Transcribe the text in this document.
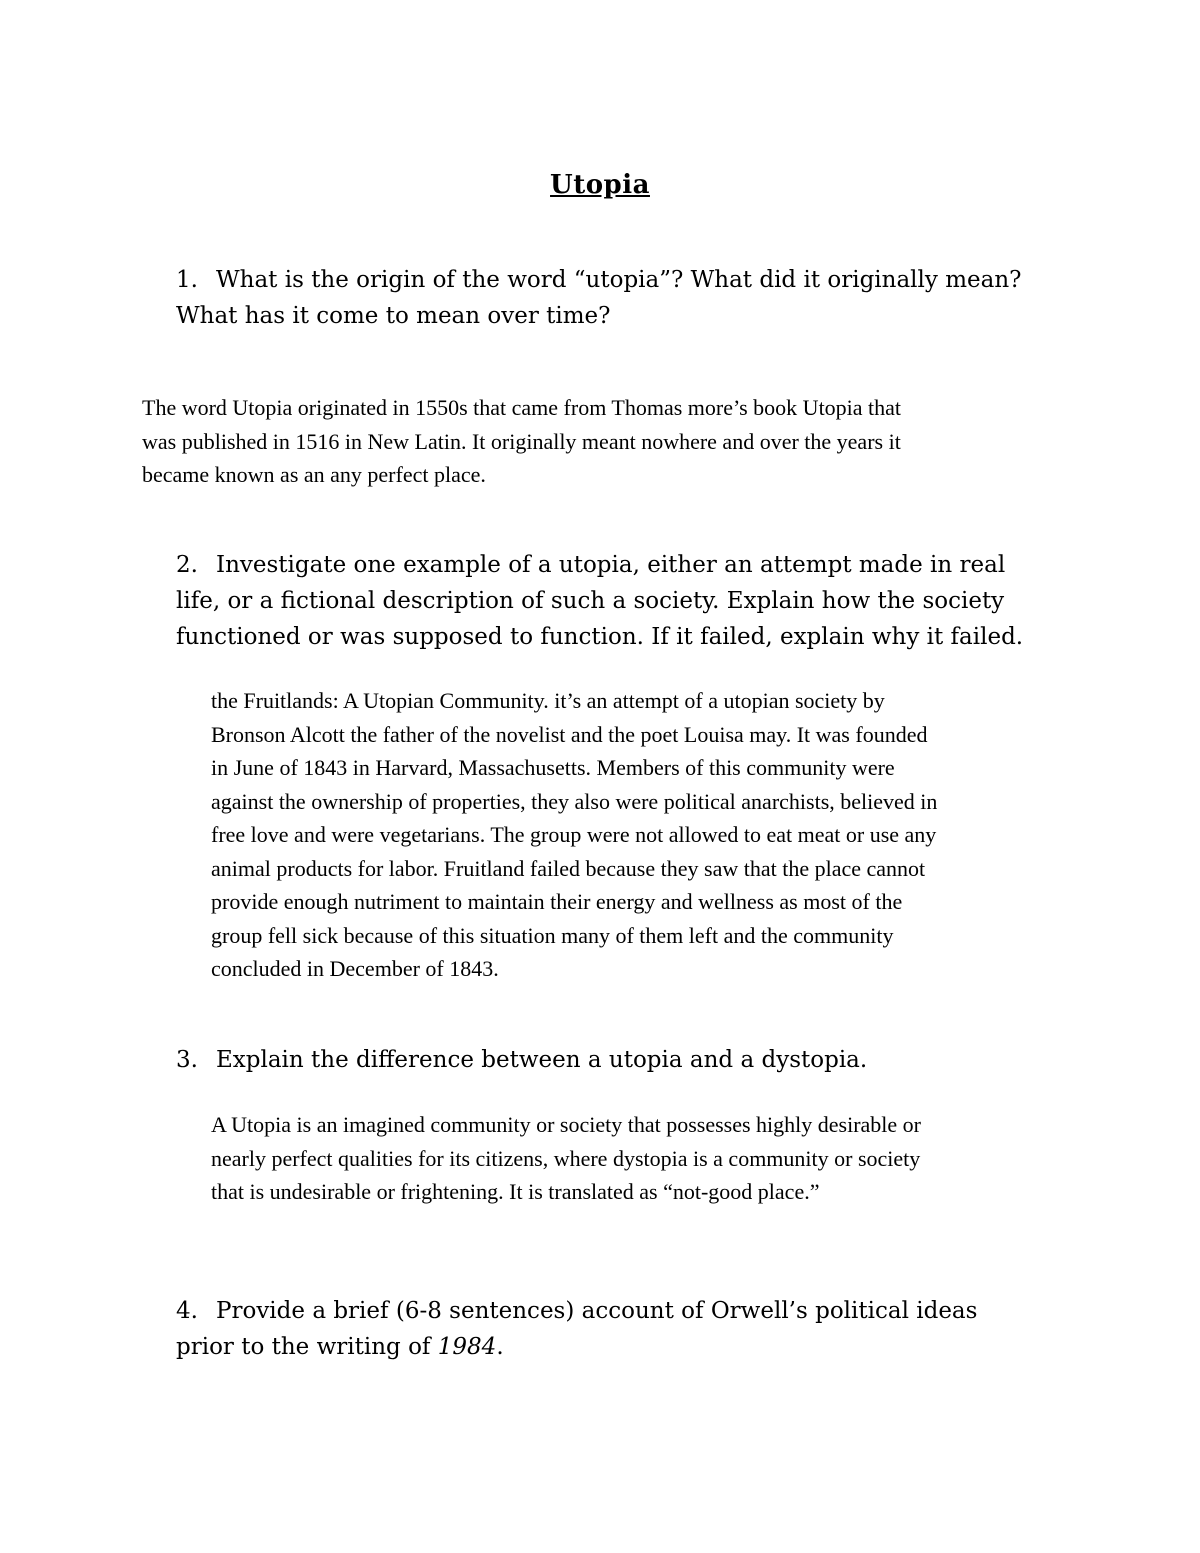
Utopia
1. What is the origin of the word “utopia”? What did it originally mean?
What has it come to mean over time?
The word Utopia originated in 1550s that came from Thomas more’s book Utopia that
was published in 1516 in New Latin. It originally meant nowhere and over the years it
became known as an any perfect place.
2. Investigate one example of a utopia, either an attempt made in real
life, or a fictional description of such a society. Explain how the society
functioned or was supposed to function. If it failed, explain why it failed.
the Fruitlands: A Utopian Community. it’s an attempt of a utopian society by
Bronson Alcott the father of the novelist and the poet Louisa may. It was founded
in June of 1843 in Harvard, Massachusetts. Members of this community were
against the ownership of properties, they also were political anarchists, believed in
free love and were vegetarians. The group were not allowed to eat meat or use any
animal products for labor. Fruitland failed because they saw that the place cannot
provide enough nutriment to maintain their energy and wellness as most of the
group fell sick because of this situation many of them left and the community
concluded in December of 1843.
3. Explain the difference between a utopia and a dystopia.
A Utopia is an imagined community or society that possesses highly desirable or
nearly perfect qualities for its citizens, where dystopia is a community or society
that is undesirable or frightening. It is translated as “not-good place.”
4. Provide a brief (6-8 sentences) account of Orwell’s political ideas
prior to the writing of 1984.
